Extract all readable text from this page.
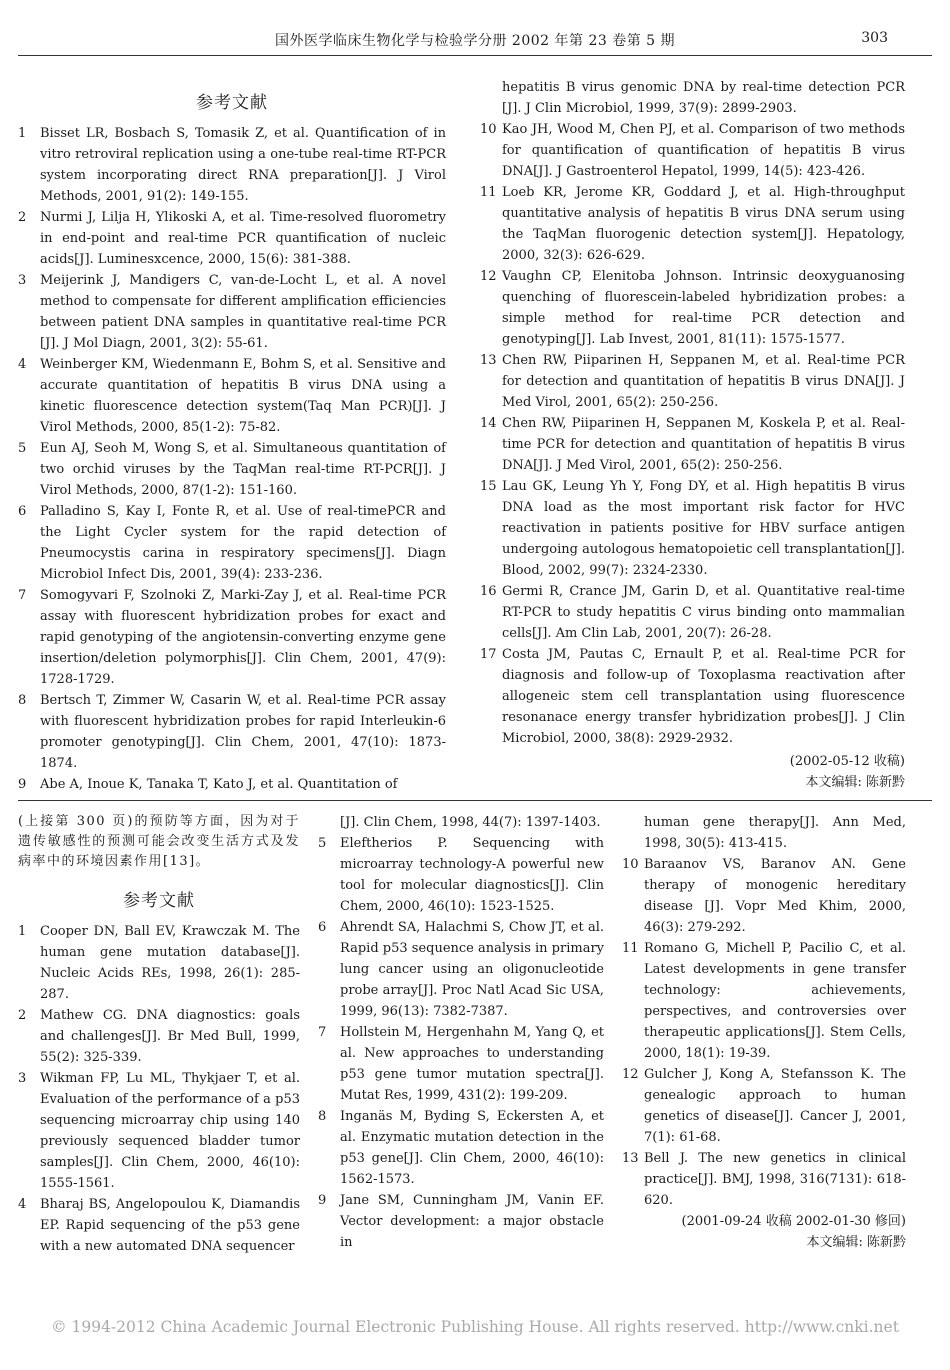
国外医学临床生物化学与检验学分册 2002 年第 23 卷第 5 期	303
参考文献
1 Bisset LR, Bosbach S, Tomasik Z, et al. Quantification of in vitro retroviral replication using a one-tube real-time RT-PCR system incorporating direct RNA preparation[J]. J Virol Methods, 2001, 91(2): 149-155.
2 Nurmi J, Lilja H, Ylikoski A, et al. Time-resolved fluorometry in end-point and real-time PCR quantification of nucleic acids[J]. Luminesxcence, 2000, 15(6): 381-388.
3 Meijerink J, Mandigers C, van-de-Locht L, et al. A novel method to compensate for different amplification efficiencies between patient DNA samples in quantitative real-time PCR [J]. J Mol Diagn, 2001, 3(2): 55-61.
4 Weinberger KM, Wiedenmann E, Bohm S, et al. Sensitive and accurate quantitation of hepatitis B virus DNA using a kinetic fluorescence detection system(Taq Man PCR)[J]. J Virol Methods, 2000, 85(1-2): 75-82.
5 Eun AJ, Seoh M, Wong S, et al. Simultaneous quantitation of two orchid viruses by the TaqMan real-time RT-PCR[J]. J Virol Methods, 2000, 87(1-2): 151-160.
6 Palladino S, Kay I, Fonte R, et al. Use of real-timePCR and the Light Cycler system for the rapid detection of Pneumocystis carina in respiratory specimens[J]. Diagn Microbiol Infect Dis, 2001, 39(4): 233-236.
7 Somogyvari F, Szolnoki Z, Marki-Zay J, et al. Real-time PCR assay with fluorescent hybridization probes for exact and rapid genotyping of the angiotensin-converting enzyme gene insertion/deletion polymorphis[J]. Clin Chem, 2001, 47(9): 1728-1729.
8 Bertsch T, Zimmer W, Casarin W, et al. Real-time PCR assay with fluorescent hybridization probes for rapid Interleukin-6 promoter genotyping[J]. Clin Chem, 2001, 47(10): 1873-1874.
9 Abe A, Inoue K, Tanaka T, Kato J, et al. Quantitation of
hepatitis B virus genomic DNA by real-time detection PCR [J]. J Clin Microbiol, 1999, 37(9): 2899-2903.
10 Kao JH, Wood M, Chen PJ, et al. Comparison of two methods for quantification of quantification of hepatitis B virus DNA[J]. J Gastroenterol Hepatol, 1999, 14(5): 423-426.
11 Loeb KR, Jerome KR, Goddard J, et al. High-throughput quantitative analysis of hepatitis B virus DNA serum using the TaqMan fluorogenic detection system[J]. Hepatology, 2000, 32(3): 626-629.
12 Vaughn CP, Elenitoba Johnson. Intrinsic deoxyguanosing quenching of fluorescein-labeled hybridization probes: a simple method for real-time PCR detection and genotyping[J]. Lab Invest, 2001, 81(11): 1575-1577.
13 Chen RW, Piiparinen H, Seppanen M, et al. Real-time PCR for detection and quantitation of hepatitis B virus DNA[J]. J Med Virol, 2001, 65(2): 250-256.
14 Chen RW, Piiparinen H, Seppanen M, Koskela P, et al. Real-time PCR for detection and quantitation of hepatitis B virus DNA[J]. J Med Virol, 2001, 65(2): 250-256.
15 Lau GK, Leung Yh Y, Fong DY, et al. High hepatitis B virus DNA load as the most important risk factor for HVC reactivation in patients positive for HBV surface antigen undergoing autologous hematopoietic cell transplantation[J]. Blood, 2002, 99(7): 2324-2330.
16 Germi R, Crance JM, Garin D, et al. Quantitative real-time RT-PCR to study hepatitis C virus binding onto mammalian cells[J]. Am Clin Lab, 2001, 20(7): 26-28.
17 Costa JM, Pautas C, Ernault P, et al. Real-time PCR for diagnosis and follow-up of Toxoplasma reactivation after allogeneic stem cell transplantation using fluorescence resonanace energy transfer hybridization probes[J]. J Clin Microbiol, 2000, 38(8): 2929-2932.
(2002-05-12 收稿)
本文编辑: 陈新黔
(上接第 300 页)的预防等方面，因为对于遗传敏感性的预测可能会改变生活方式及发病率中的环境因素作用[13]。
参考文献
1 Cooper DN, Ball EV, Krawczak M. The human gene mutation database[J]. Nucleic Acids REs, 1998, 26(1): 285-287.
2 Mathew CG. DNA diagnostics: goals and challenges[J]. Br Med Bull, 1999, 55(2): 325-339.
3 Wikman FP, Lu ML, Thykjaer T, et al. Evaluation of the performance of a p53 sequencing microarray chip using 140 previously sequenced bladder tumor samples[J]. Clin Chem, 2000, 46(10): 1555-1561.
4 Bharaj BS, Angelopoulou K, Diamandis EP. Rapid sequencing of the p53 gene with a new automated DNA sequencer
[J]. Clin Chem, 1998, 44(7): 1397-1403.
5 Eleftherios P. Sequencing with microarray technology-A powerful new tool for molecular diagnostics[J]. Clin Chem, 2000, 46(10): 1523-1525.
6 Ahrendt SA, Halachmi S, Chow JT, et al. Rapid p53 sequence analysis in primary lung cancer using an oligonucleotide probe array[J]. Proc Natl Acad Sic USA, 1999, 96(13): 7382-7387.
7 Hollstein M, Hergenhahn M, Yang Q, et al. New approaches to understanding p53 gene tumor mutation spectra[J]. Mutat Res, 1999, 431(2): 199-209.
8 Inganäs M, Byding S, Eckersten A, et al. Enzymatic mutation detection in the p53 gene[J]. Clin Chem, 2000, 46(10): 1562-1573.
9 Jane SM, Cunningham JM, Vanin EF. Vector development: a major obstacle in
human gene therapy[J]. Ann Med, 1998, 30(5): 413-415.
10 Baraanov VS, Baranov AN. Gene therapy of monogenic hereditary disease [J]. Vopr Med Khim, 2000, 46(3): 279-292.
11 Romano G, Michell P, Pacilio C, et al. Latest developments in gene transfer technology: achievements, perspectives, and controversies over therapeutic applications[J]. Stem Cells, 2000, 18(1): 19-39.
12 Gulcher J, Kong A, Stefansson K. The genealogic approach to human genetics of disease[J]. Cancer J, 2001, 7(1): 61-68.
13 Bell J. The new genetics in clinical practice[J]. BMJ, 1998, 316(7131): 618-620.
(2001-09-24 收稿 2002-01-30 修回)
本文编辑: 陈新黔
© 1994-2012 China Academic Journal Electronic Publishing House. All rights reserved. http://www.cnki.net
